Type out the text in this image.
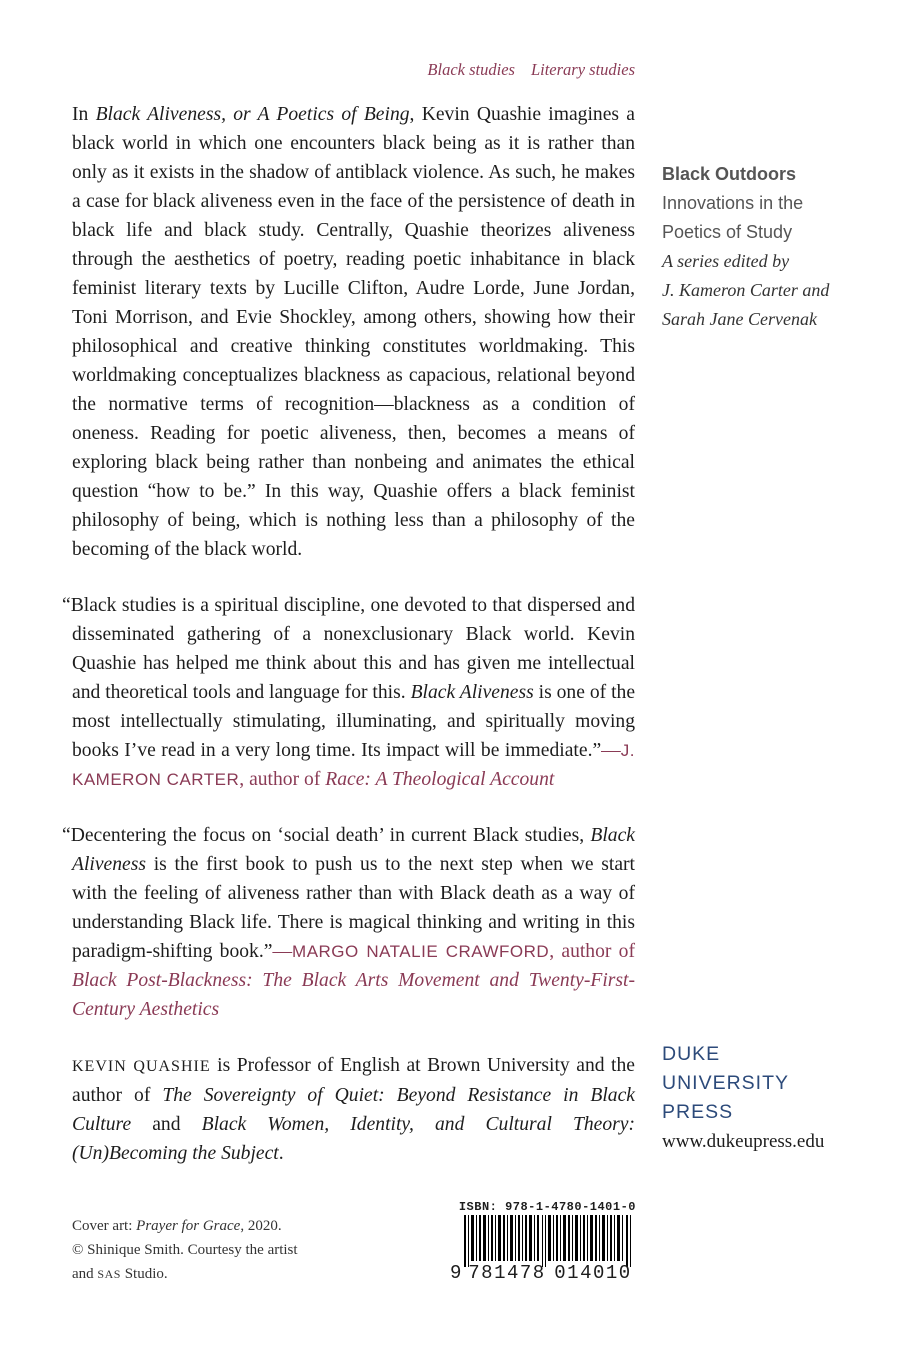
Black studies Literary studies

In Black Aliveness, or A Poetics of Being, Kevin Quashie imagines a black world in which one encounters black being as it is rather than only as it exists in the shadow of antiblack violence. As such, he makes a case for black aliveness even in the face of the persistence of death in black life and black study. Centrally, Quashie theorizes aliveness through the aesthetics of poetry, reading poetic inhabitance in black feminist literary texts by Lucille Clifton, Audre Lorde, June Jordan, Toni Morrison, and Evie Shockley, among others, showing how their philosophical and creative thinking constitutes worldmaking. This worldmaking conceptualizes blackness as capacious, relational beyond the normative terms of recognition—blackness as a condition of oneness. Reading for poetic aliveness, then, becomes a means of exploring black being rather than nonbeing and animates the ethical question “how to be.” In this way, Quashie offers a black feminist philosophy of being, which is nothing less than a philosophy of the becoming of the black world.

“Black studies is a spiritual discipline, one devoted to that dispersed and disseminated gathering of a nonexclusionary Black world. Kevin Quashie has helped me think about this and has given me intellectual and theoretical tools and language for this. Black Aliveness is one of the most intellectually stimulating, illuminating, and spiritually moving books I’ve read in a very long time. Its impact will be immediate.”—J. KAMERON CARTER, author of Race: A Theological Account

“Decentering the focus on ‘social death’ in current Black studies, Black Aliveness is the first book to push us to the next step when we start with the feeling of aliveness rather than with Black death as a way of understanding Black life. There is magical thinking and writing in this paradigm-shifting book.”—MARGO NATALIE CRAWFORD, author of Black Post-Blackness: The Black Arts Movement and Twenty-First-Century Aesthetics

KEVIN QUASHIE is Professor of English at Brown University and the author of The Sovereignty of Quiet: Beyond Resistance in Black Culture and Black Women, Identity, and Cultural Theory: (Un)Becoming the Subject.

Black Outdoors
Innovations in the
Poetics of Study
A series edited by
J. Kameron Carter and
Sarah Jane Cervenak
DUKE
UNIVERSITY
PRESS
www.dukeupress.edu
Cover art: Prayer for Grace, 2020.
© Shinique Smith. Courtesy the artist
and SAS Studio.
ISBN: 978-1-4780-1401-0
9 781478 014010
